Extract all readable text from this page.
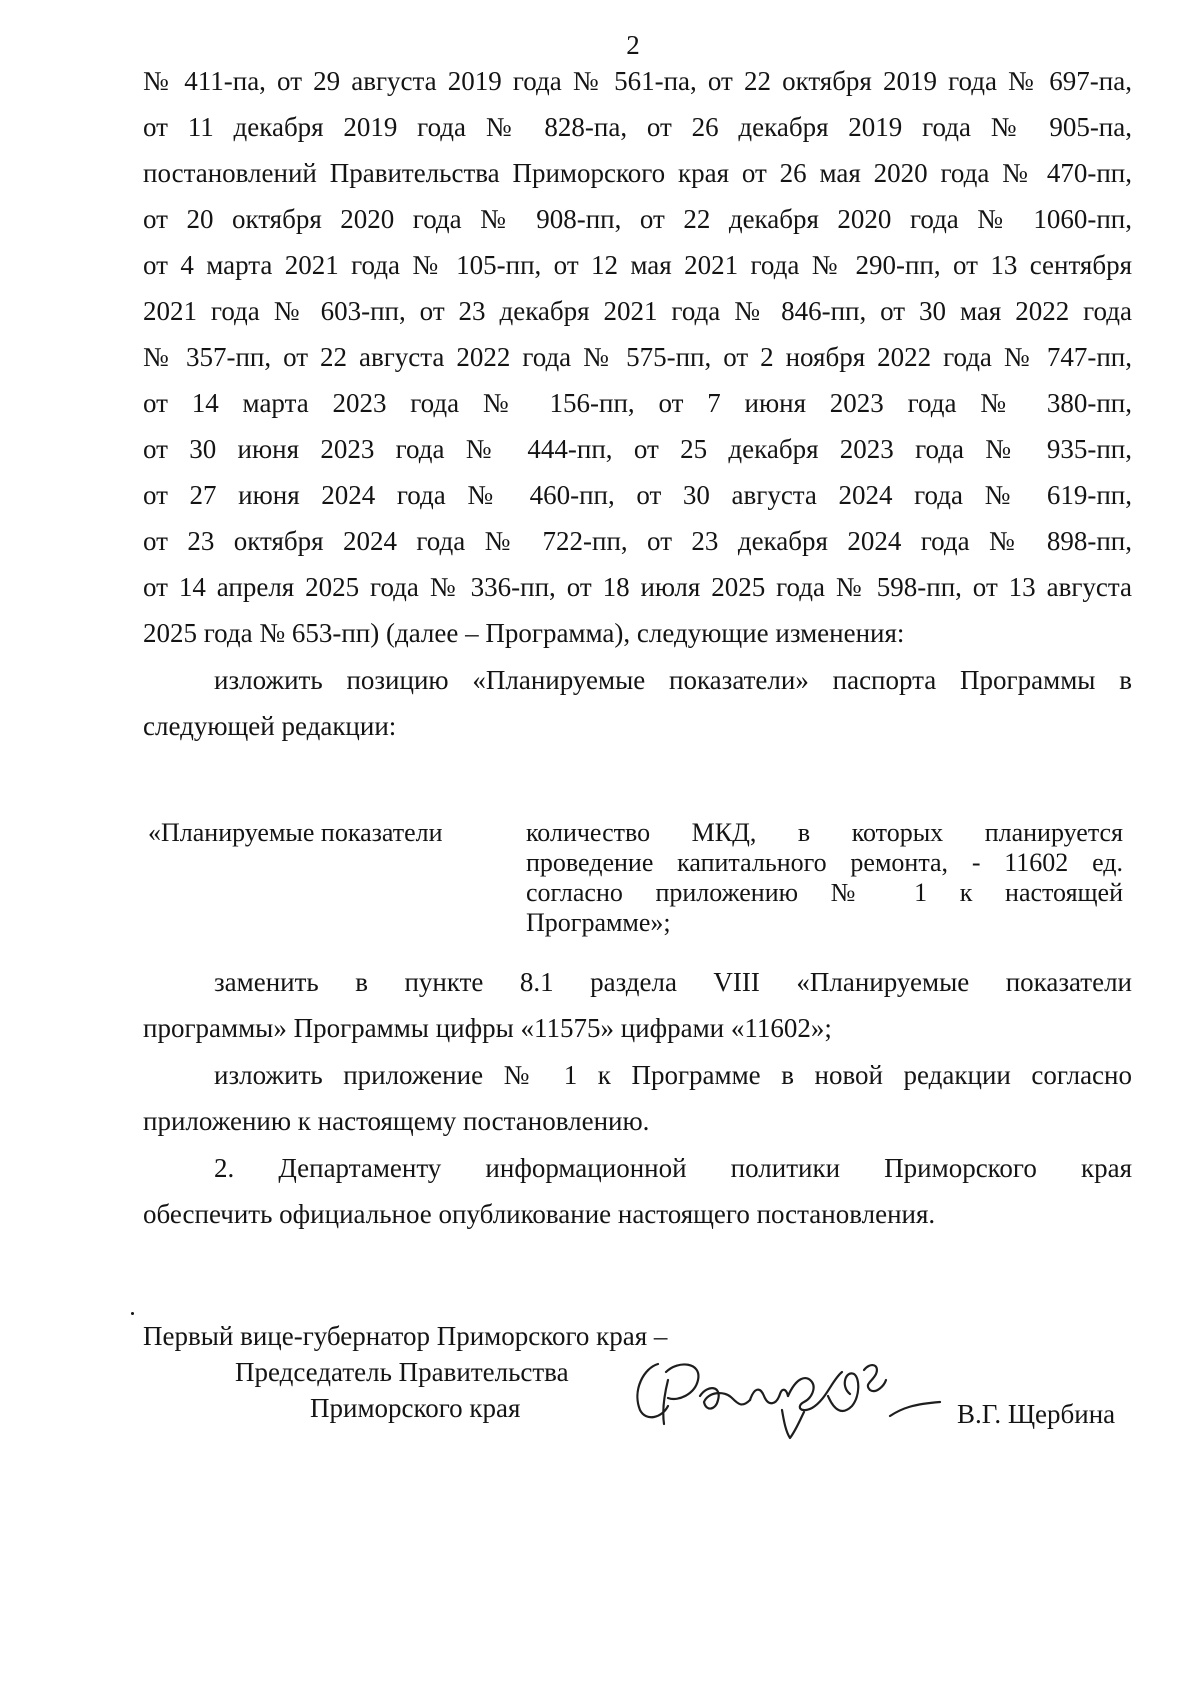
2
№ 411-па, от 29 августа 2019 года № 561-па, от 22 октября 2019 года № 697-па,
от 11 декабря 2019 года № 828-па, от 26 декабря 2019 года № 905-па,
постановлений Правительства Приморского края от 26 мая 2020 года № 470-пп,
от 20 октября 2020 года № 908-пп, от 22 декабря 2020 года № 1060-пп,
от 4 марта 2021 года № 105-пп, от 12 мая 2021 года № 290-пп, от 13 сентября
2021 года № 603-пп, от 23 декабря 2021 года № 846-пп, от 30 мая 2022 года
№ 357-пп, от 22 августа 2022 года № 575-пп, от 2 ноября 2022 года № 747-пп,
от 14 марта 2023 года № 156-пп, от 7 июня 2023 года № 380-пп,
от 30 июня 2023 года № 444-пп, от 25 декабря 2023 года № 935-пп,
от 27 июня 2024 года № 460-пп, от 30 августа 2024 года № 619-пп,
от 23 октября 2024 года № 722-пп, от 23 декабря 2024 года № 898-пп,
от 14 апреля 2025 года № 336-пп, от 18 июля 2025 года № 598-пп, от 13 августа
2025 года № 653-пп) (далее – Программа), следующие изменения:
изложить позицию «Планируемые показатели» паспорта Программы в
следующей редакции:
«Планируемые показатели	количество МКД, в которых планируется
проведение капитального ремонта, - 11602 ед.
согласно приложению № 1 к настоящей
Программе»;
заменить в пункте 8.1 раздела VIII «Планируемые показатели
программы» Программы цифры «11575» цифрами «11602»;
изложить приложение № 1 к Программе в новой редакции согласно
приложению к настоящему постановлению.
2. Департаменту информационной политики Приморского края
обеспечить официальное опубликование настоящего постановления.
Первый вице-губернатор Приморского края –
Председатель Правительства
Приморского края	В.Г. Щербина
